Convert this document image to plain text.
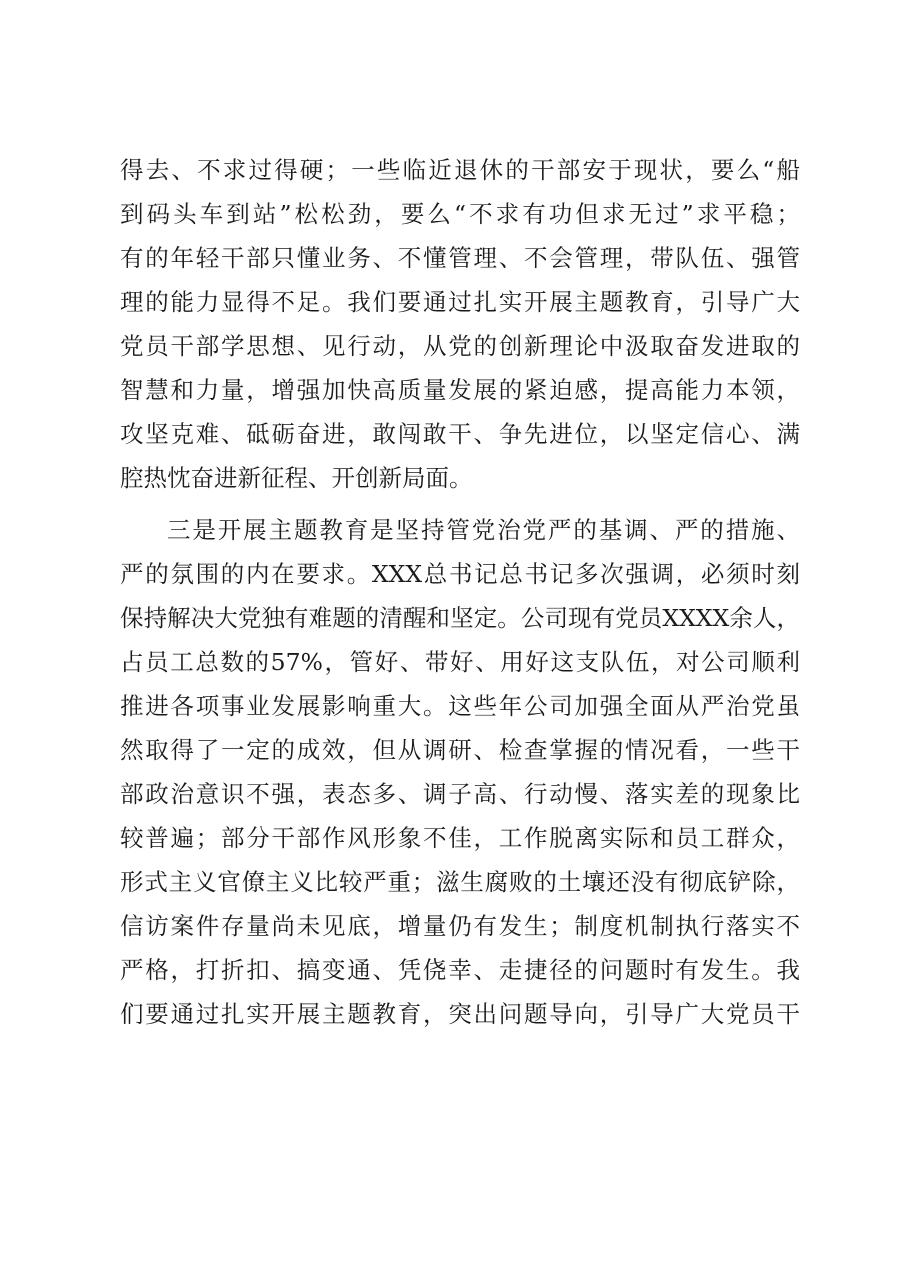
得去、不求过得硬；一些临近退休的干部安于现状，要么“船
到码头车到站”松松劲，要么“不求有功但求无过”求平稳；
有的年轻干部只懂业务、不懂管理、不会管理，带队伍、强管
理的能力显得不足。我们要通过扎实开展主题教育，引导广大
党员干部学思想、见行动，从党的创新理论中汲取奋发进取的
智慧和力量，增强加快高质量发展的紧迫感，提高能力本领，
攻坚克难、砥砺奋进，敢闯敢干、争先进位，以坚定信心、满
腔热忱奋进新征程、开创新局面。
三是开展主题教育是坚持管党治党严的基调、严的措施、
严的氛围的内在要求。XXX总书记总书记多次强调，必须时刻
保持解决大党独有难题的清醒和坚定。公司现有党员XXXX余人，
占员工总数的57%，管好、带好、用好这支队伍，对公司顺利
推进各项事业发展影响重大。这些年公司加强全面从严治党虽
然取得了一定的成效，但从调研、检查掌握的情况看，一些干
部政治意识不强，表态多、调子高、行动慢、落实差的现象比
较普遍；部分干部作风形象不佳，工作脱离实际和员工群众，
形式主义官僚主义比较严重；滋生腐败的土壤还没有彻底铲除，
信访案件存量尚未见底，增量仍有发生；制度机制执行落实不
严格，打折扣、搞变通、凭侥幸、走捷径的问题时有发生。我
们要通过扎实开展主题教育，突出问题导向，引导广大党员干
